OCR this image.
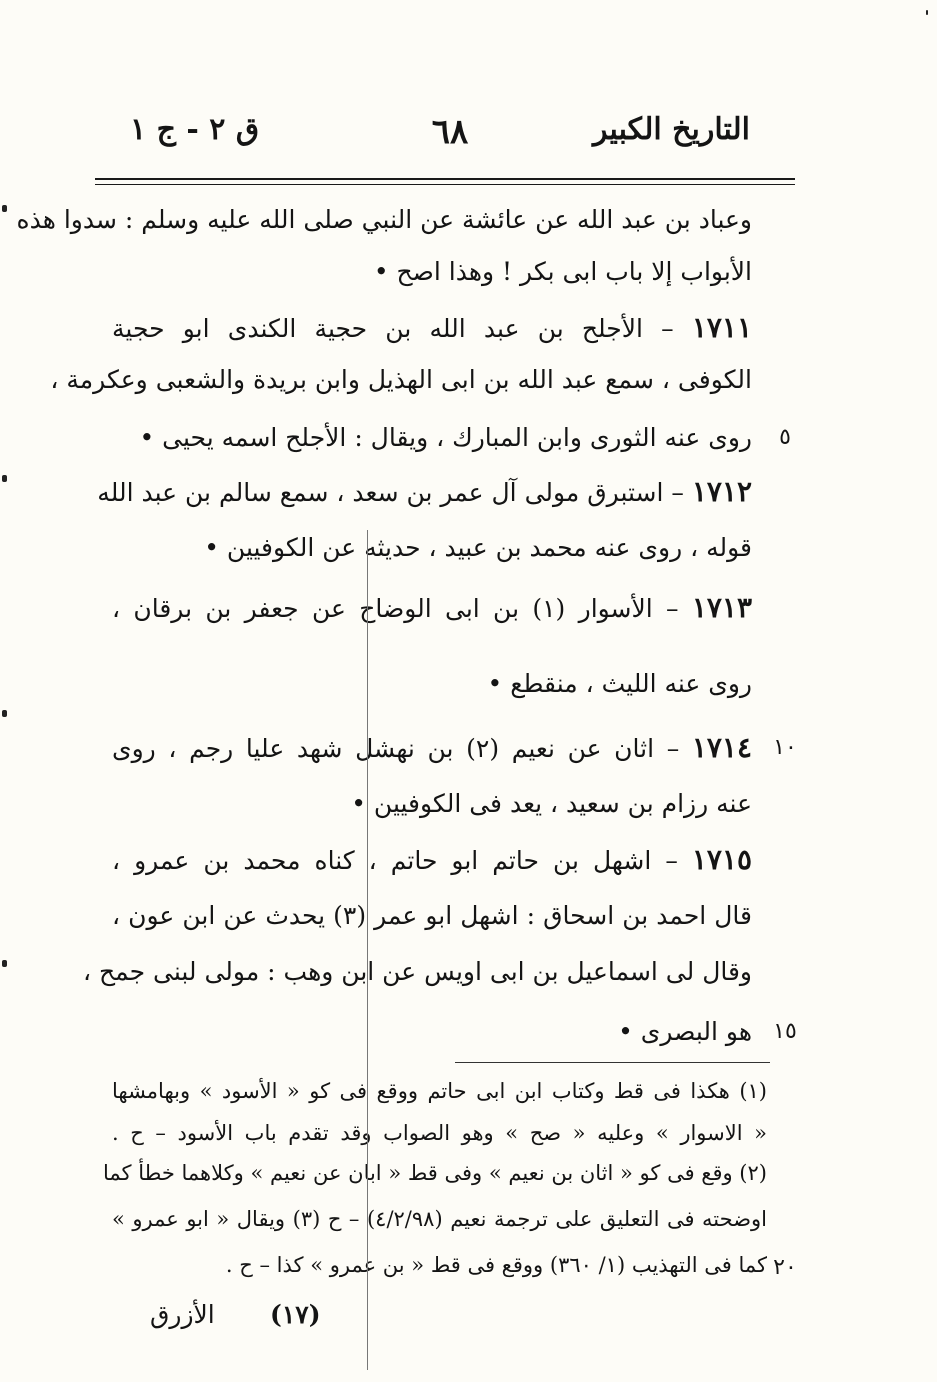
التاريخ الكبير
٦٨
ق ٢ - ج ١
وعباد بن عبد الله عن عائشة عن النبي صلى الله عليه وسلم : سدوا هذه
الأبواب إلا باب ابى بكر ! وهذا اصح •
١٧١١ – الأجلح بن عبد الله بن حجية الكندى ابو حجية
الكوفى ، سمع عبد الله بن ابى الهذيل وابن بريدة والشعبى وعكرمة ،
روى عنه الثورى وابن المبارك ، ويقال : الأجلح اسمه يحيى •
١٧١٢ – استبرق مولى آل عمر بن سعد ، سمع سالم بن عبد الله
قوله ، روى عنه محمد بن عبيد ، حديثه عن الكوفيين •
١٧١٣ – الأسوار (١) بن ابى الوضاح عن جعفر بن برقان ،
روى عنه الليث ، منقطع •
١٧١٤ – اثان عن نعيم (٢) بن نهشل شهد عليا رجم ، روى
عنه رزام بن سعيد ، يعد فى الكوفيين •
١٧١٥ – اشهل بن حاتم ابو حاتم ، كناه محمد بن عمرو ،
قال احمد بن اسحاق : اشهل ابو عمر (٣) يحدث عن ابن عون ،
وقال لى اسماعيل بن ابى اويس عن ابن وهب : مولى لبنى جمح ،
هو البصرى •
٥
١٠
١٥
٢٠
(١) هكذا فى قط وكتاب ابن ابى حاتم ووقع فى كو « الأسود » وبهامشها
« الاسوار » وعليه « صح » وهو الصواب وقد تقدم باب الأسود – ح .
(٢) وقع فى كو « اثان بن نعيم » وفى قط « ابان عن نعيم » وكلاهما خطأ كما
اوضحته فى التعليق على ترجمة نعيم (٤/٢/٩٨) – ح (٣) ويقال « ابو عمرو »
كما فى التهذيب (١/ ٣٦٠) ووقع فى قط « بن عمرو » كذا – ح .
(١٧)
الأزرق
